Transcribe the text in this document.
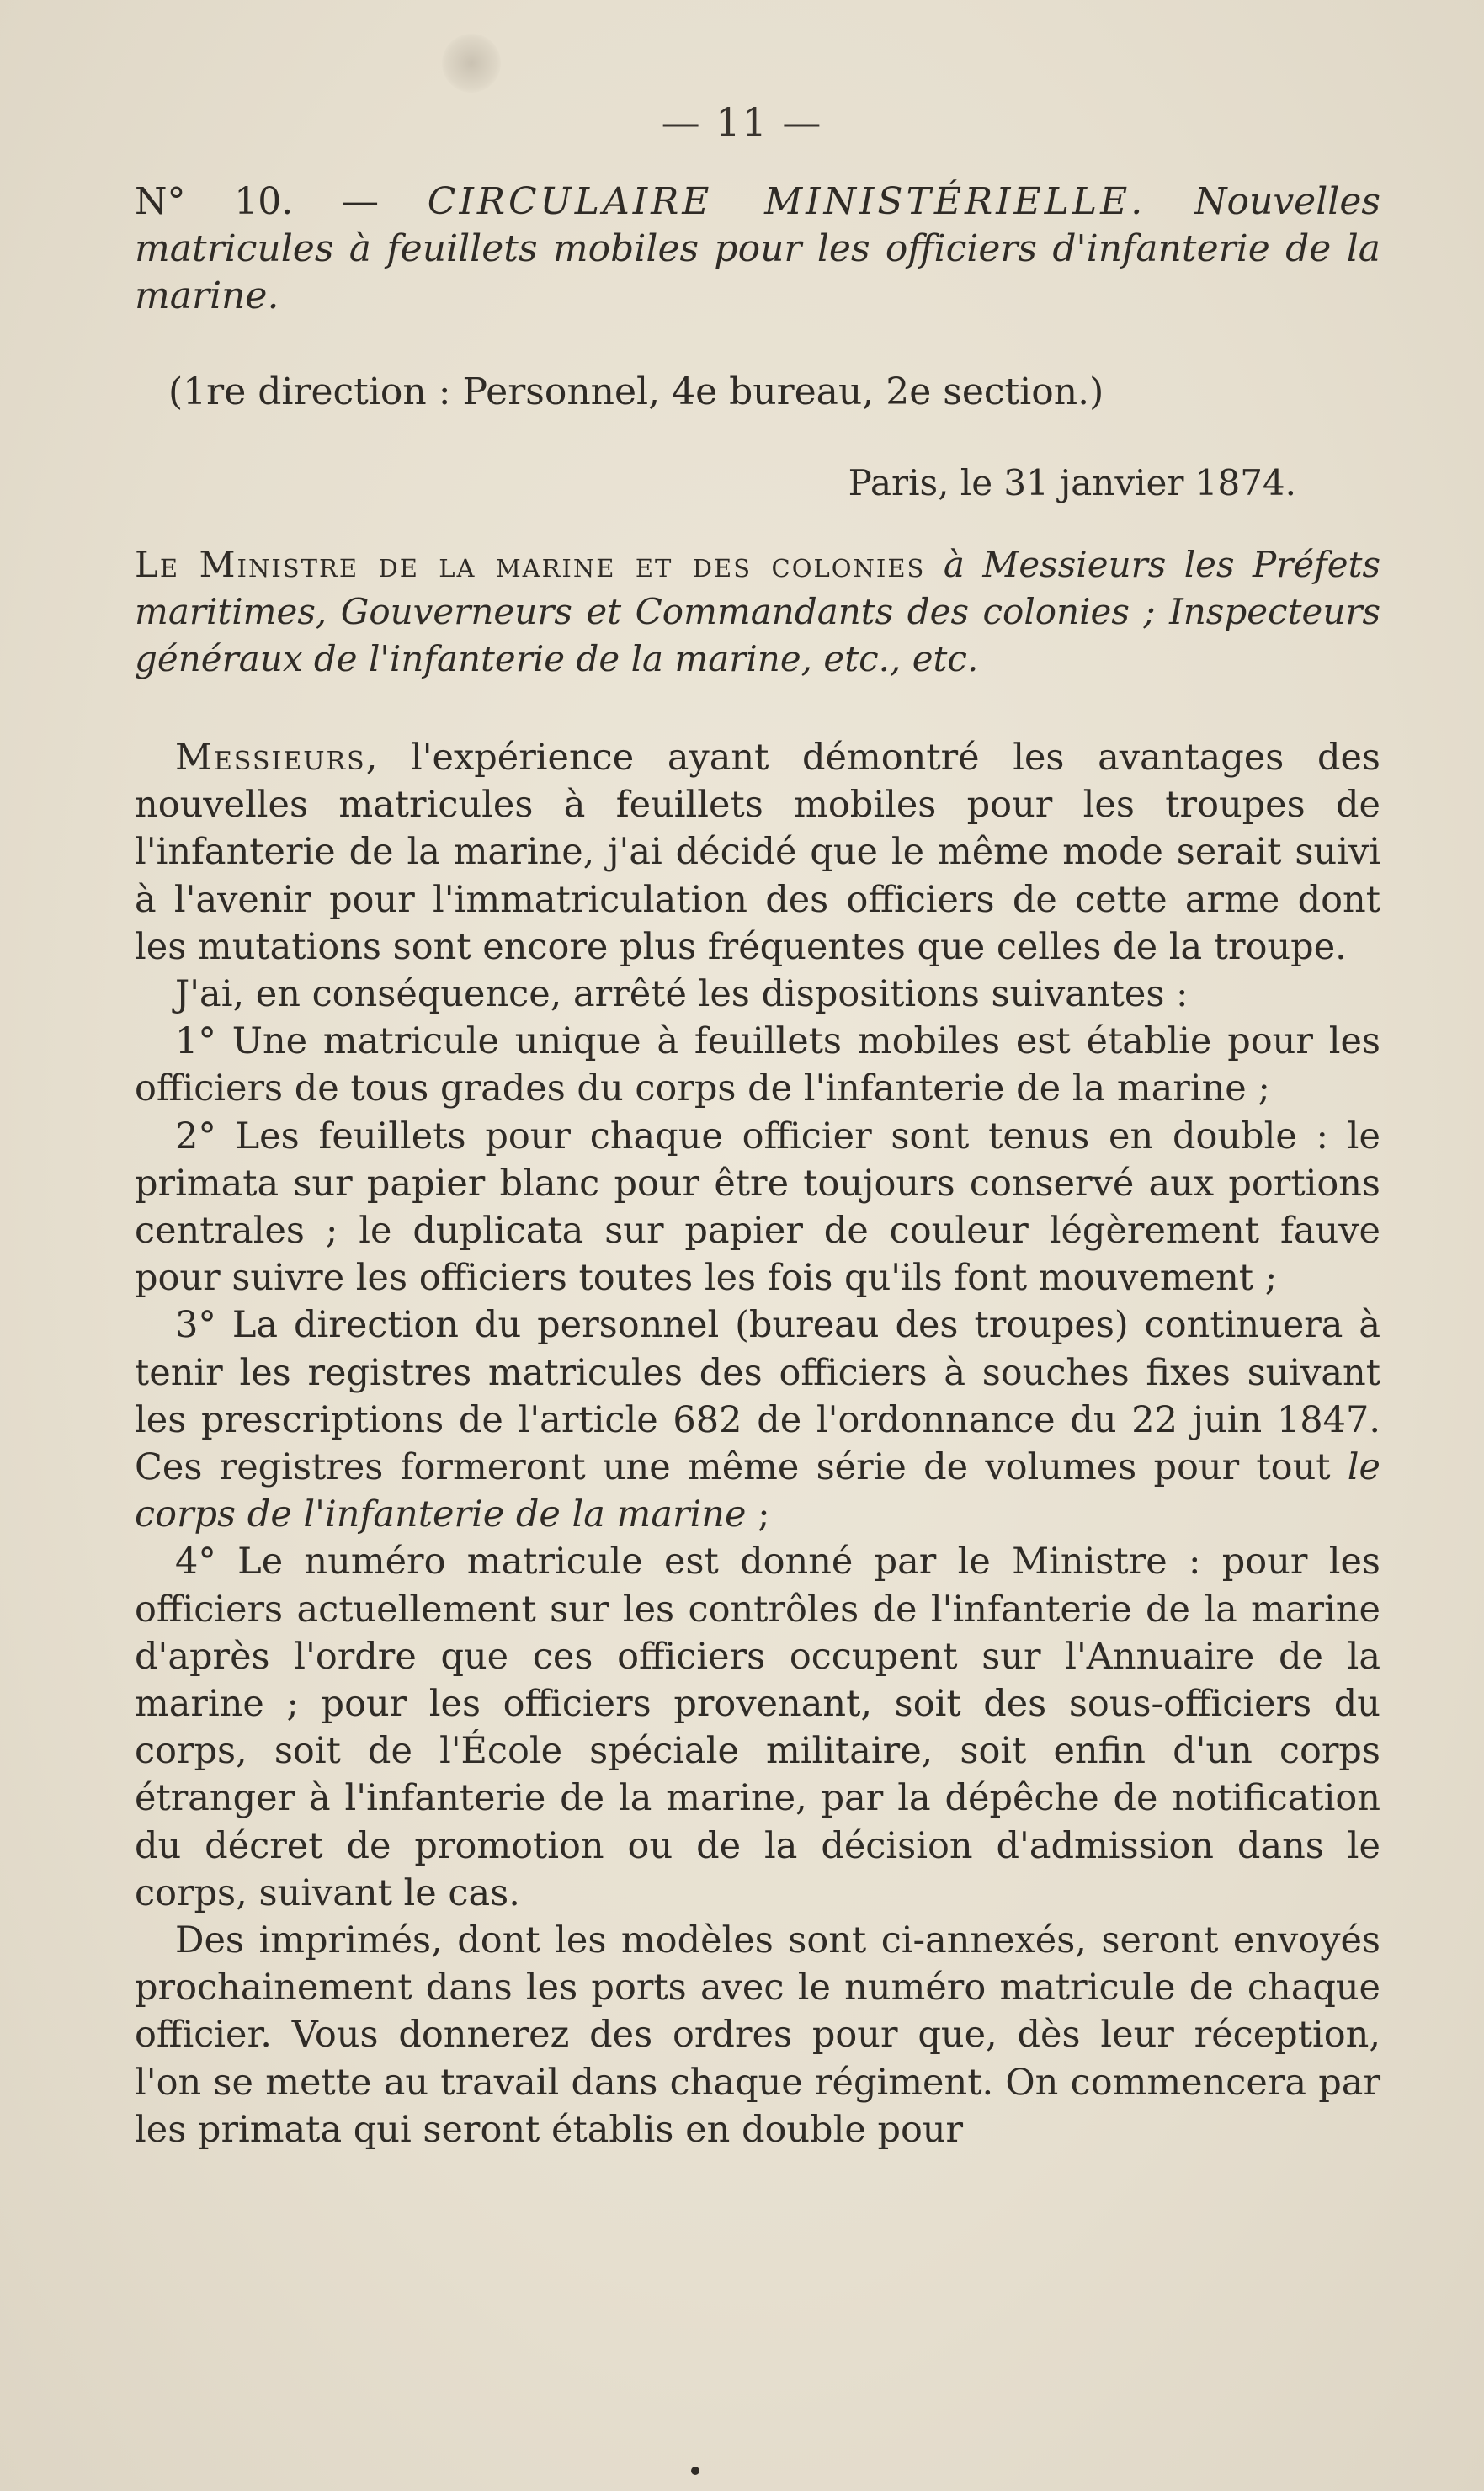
— 11 —
N° 10. — CIRCULAIRE MINISTÉRIELLE. Nouvelles matricules à feuillets mobiles pour les officiers d'infanterie de la marine.
(1re direction : Personnel, 4e bureau, 2e section.)
Paris, le 31 janvier 1874.
Le Ministre de la marine et des colonies à Messieurs les Préfets maritimes, Gouverneurs et Commandants des colonies ; Inspecteurs généraux de l'infanterie de la marine, etc., etc.

Messieurs, l'expérience ayant démontré les avantages des nouvelles matricules à feuillets mobiles pour les troupes de l'infanterie de la marine, j'ai décidé que le même mode serait suivi à l'avenir pour l'immatriculation des officiers de cette arme dont les mutations sont encore plus fréquentes que celles de la troupe.

J'ai, en conséquence, arrêté les dispositions suivantes :

1° Une matricule unique à feuillets mobiles est établie pour les officiers de tous grades du corps de l'infanterie de la marine ;

2° Les feuillets pour chaque officier sont tenus en double : le primata sur papier blanc pour être toujours conservé aux portions centrales ; le duplicata sur papier de couleur légèrement fauve pour suivre les officiers toutes les fois qu'ils font mouvement ;

3° La direction du personnel (bureau des troupes) continuera à tenir les registres matricules des officiers à souches fixes suivant les prescriptions de l'article 682 de l'ordonnance du 22 juin 1847. Ces registres formeront une même série de volumes pour tout le corps de l'infanterie de la marine ;

4° Le numéro matricule est donné par le Ministre : pour les officiers actuellement sur les contrôles de l'infanterie de la marine d'après l'ordre que ces officiers occupent sur l'Annuaire de la marine ; pour les officiers provenant, soit des sous-officiers du corps, soit de l'École spéciale militaire, soit enfin d'un corps étranger à l'infanterie de la marine, par la dépêche de notification du décret de promotion ou de la décision d'admission dans le corps, suivant le cas.

Des imprimés, dont les modèles sont ci-annexés, seront envoyés prochainement dans les ports avec le numéro matricule de chaque officier. Vous donnerez des ordres pour que, dès leur réception, l'on se mette au travail dans chaque régiment. On commencera par les primata qui seront établis en double pour
